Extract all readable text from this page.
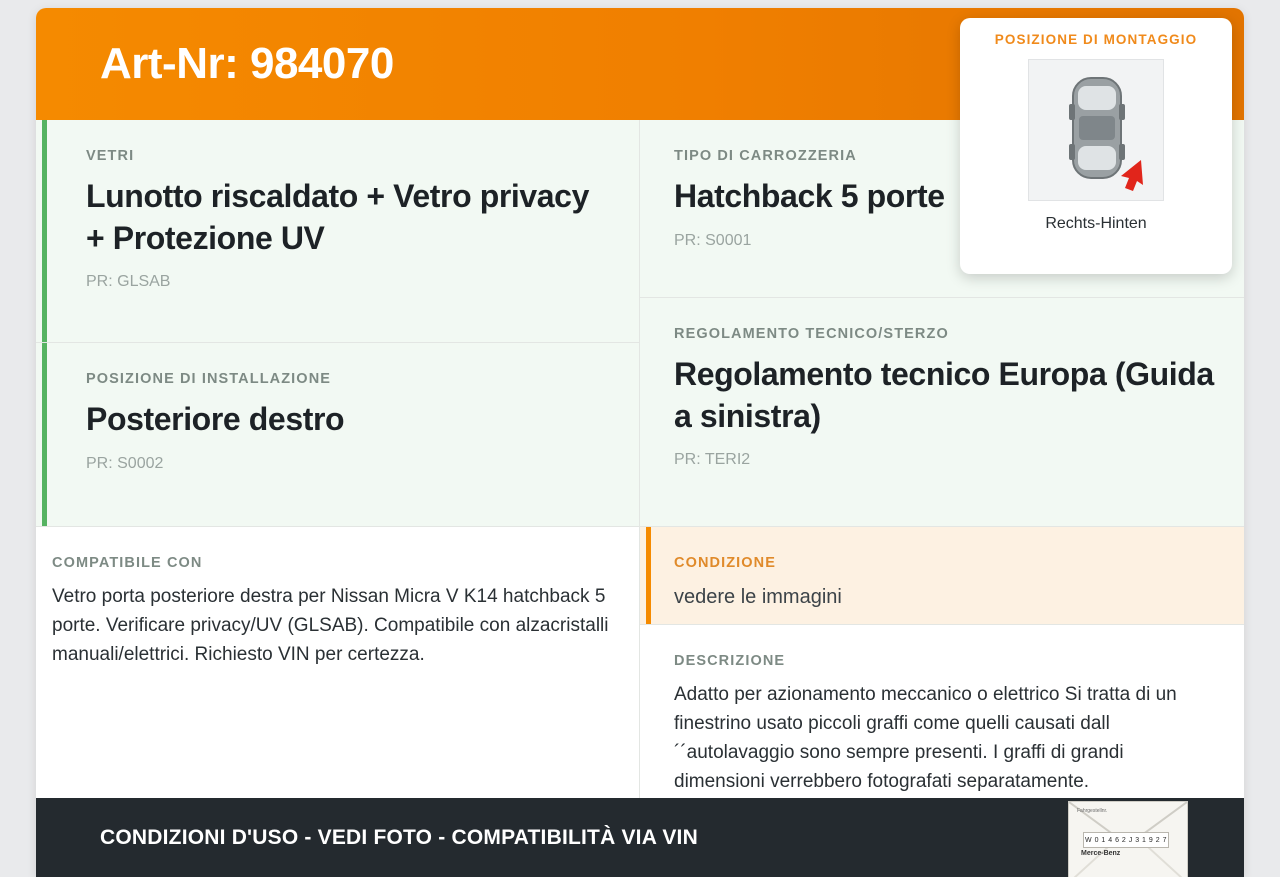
Art-Nr: 984070
VETRI
Lunotto riscaldato + Vetro privacy + Protezione UV
PR: GLSAB
POSIZIONE DI INSTALLAZIONE
Posteriore destro
PR: S0002
COMPATIBILE CON
Vetro porta posteriore destra per Nissan Micra V K14 hatchback 5 porte. Verificare privacy/UV (GLSAB). Compatibile con alzacristalli manuali/elettrici. Richiesto VIN per certezza.
TIPO DI CARROZZERIA
Hatchback 5 porte
PR: S0001
REGOLAMENTO TECNICO/STERZO
Regolamento tecnico Europa (Guida a sinistra)
PR: TERI2
CONDIZIONE
vedere le immagini
DESCRIZIONE
Adatto per azionamento meccanico o elettrico Si tratta di un finestrino usato piccoli graffi come quelli causati dall´´autolavaggio sono sempre presenti. I graffi di grandi dimensioni verrebbero fotografati separatamente.
CONDIZIONI D'USO - VEDI FOTO - COMPATIBILITÀ VIA VIN
Fahrgestellnr.
W 0 1 4 6 2 J 3 1 9 2 7
Merce-Benz
POSIZIONE DI MONTAGGIO
Rechts-Hinten
